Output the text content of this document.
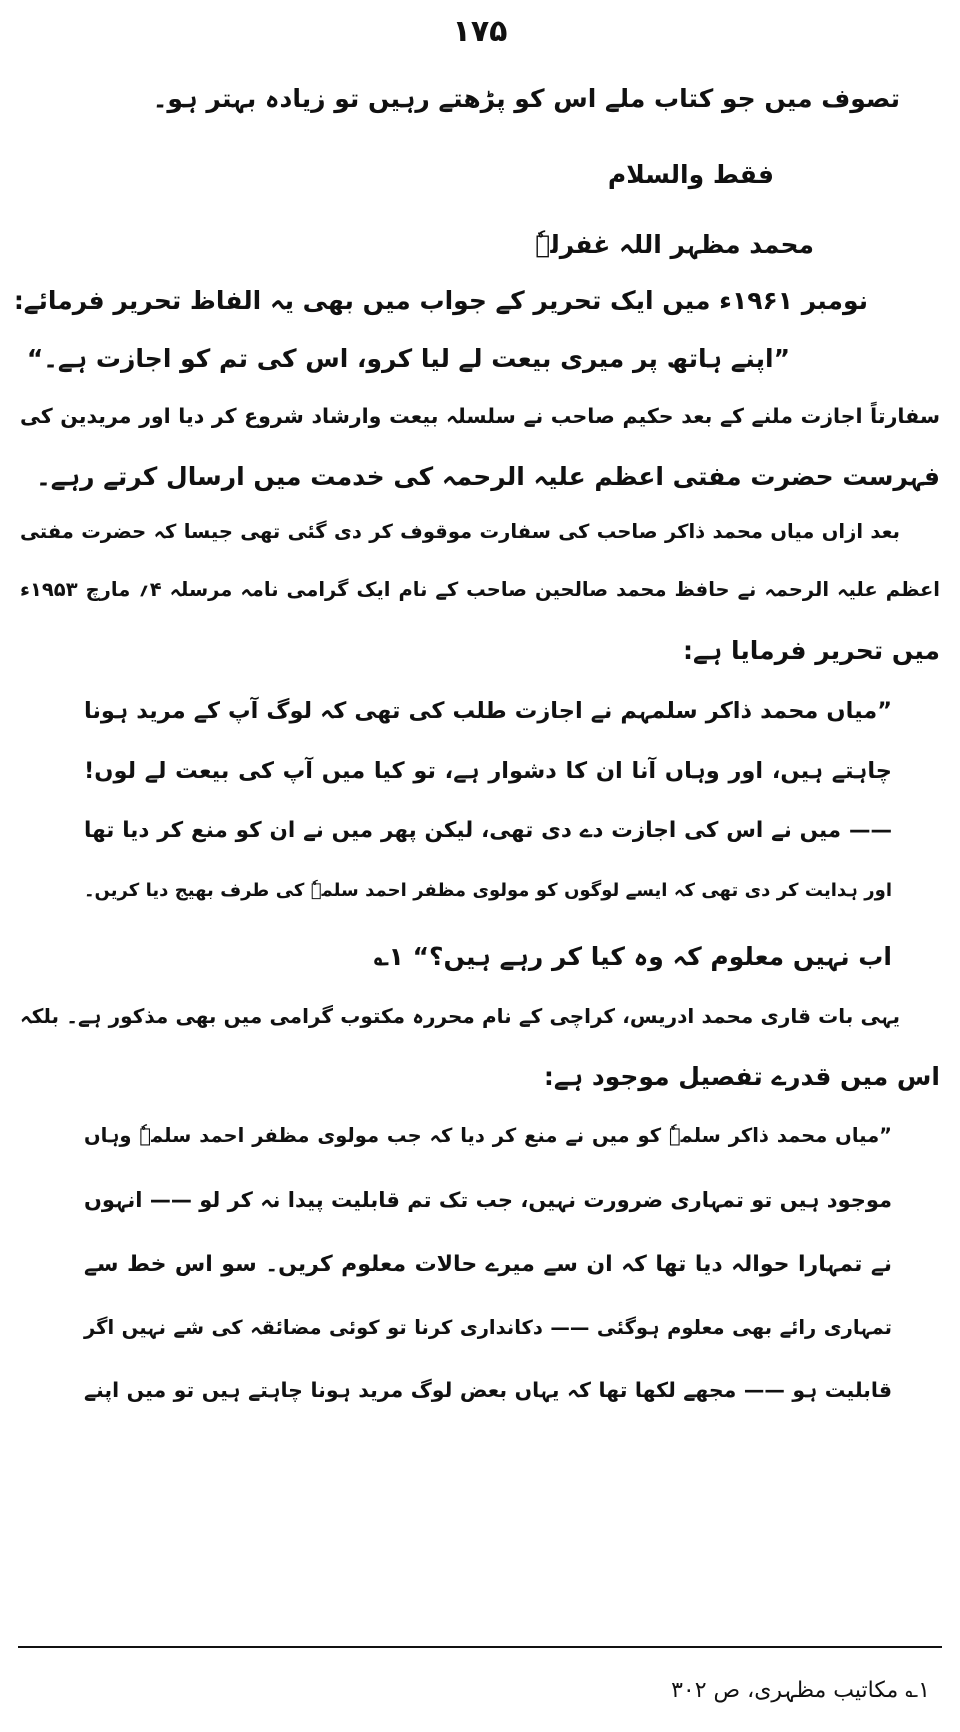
۱۷۵
تصوف میں جو کتاب ملے اس کو پڑھتے رہیں تو زیادہ بہتر ہو۔
فقط والسلام
محمد مظہر اللہ غفرلہٗ
نومبر ۱۹۶۱ء میں ایک تحریر کے جواب میں بھی یہ الفاظ تحریر فرمائے:
”اپنے ہاتھ پر میری بیعت لے لیا کرو، اس کی تم کو اجازت ہے۔“
سفارتاً اجازت ملنے کے بعد حکیم صاحب نے سلسلہ بیعت وارشاد شروع کر دیا اور مریدین کی
فہرست حضرت مفتی اعظم علیہ الرحمہ کی خدمت میں ارسال کرتے رہے۔
بعد ازاں میاں محمد ذاکر صاحب کی سفارت موقوف کر دی گئی تھی جیسا کہ حضرت مفتی
اعظم علیہ الرحمہ نے حافظ محمد صالحین صاحب کے نام ایک گرامی نامہ مرسلہ ۴؍ مارچ ۱۹۵۳ء
میں تحریر فرمایا ہے:
”میاں محمد ذاکر سلمہم نے اجازت طلب کی تھی کہ لوگ آپ کے مرید ہونا
چاہتے ہیں، اور وہاں آنا ان کا دشوار ہے، تو کیا میں آپ کی بیعت لے لوں!
—— میں نے اس کی اجازت دے دی تھی، لیکن پھر میں نے ان کو منع کر دیا تھا
اور ہدایت کر دی تھی کہ ایسے لوگوں کو مولوی مظفر احمد سلمہٗ کی طرف بھیج دیا کریں۔
اب نہیں معلوم کہ وہ کیا کر رہے ہیں؟“ ۱؎
یہی بات قاری محمد ادریس، کراچی کے نام محررہ مکتوب گرامی میں بھی مذکور ہے۔ بلکہ
اس میں قدرے تفصیل موجود ہے:
”میاں محمد ذاکر سلمہٗ کو میں نے منع کر دیا کہ جب مولوی مظفر احمد سلمہٗ وہاں
موجود ہیں تو تمہاری ضرورت نہیں، جب تک تم قابلیت پیدا نہ کر لو —— انہوں
نے تمہارا حوالہ دیا تھا کہ ان سے میرے حالات معلوم کریں۔ سو اس خط سے
تمہاری رائے بھی معلوم ہوگئی —— دکانداری کرنا تو کوئی مضائقہ کی شے نہیں اگر
قابلیت ہو —— مجھے لکھا تھا کہ یہاں بعض لوگ مرید ہونا چاہتے ہیں تو میں اپنے
۱؎ مکاتیب مظہری، ص ۳۰۲
